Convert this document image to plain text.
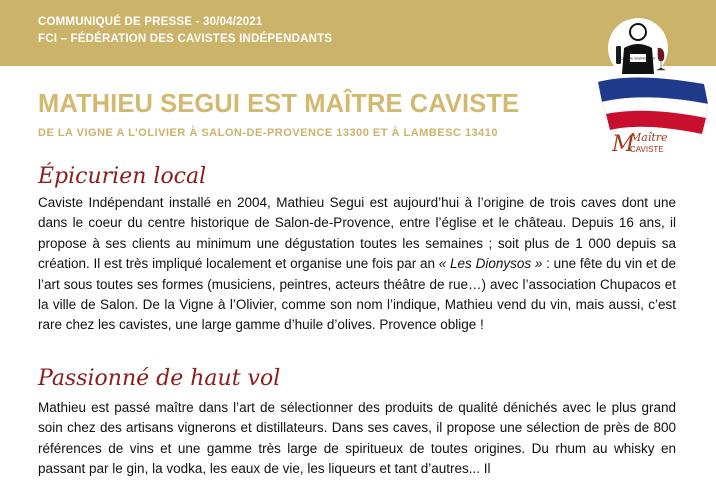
COMMUNIQUÉ DE PRESSE - 30/04/2021
FCI – FÉDÉRATION DES CAVISTES INDÉPENDANTS
CAVISTE INDÉPENDANT
M
Maître
CAVISTE
MATHIEU SEGUI EST MAÎTRE CAVISTE
DE LA VIGNE A L’OLIVIER À SALON-DE-PROVENCE 13300 ET À LAMBESC 13410
Épicurien local

Caviste Indépendant installé en 2004, Mathieu Segui est aujourd’hui à l’origine de trois caves dont une dans le coeur du centre historique de Salon-de-Provence, entre l’église et le château. Depuis 16 ans, il propose à ses clients au minimum une dégustation toutes les semaines ; soit plus de 1 000 depuis sa création. Il est très impliqué localement et organise une fois par an « Les Dionysos » : une fête du vin et de l’art sous toutes ses formes (musiciens, peintres, acteurs théâtre de rue…) avec l’association Chupacos et la ville de Salon. De la Vigne à l’Olivier, comme son nom l’indique, Mathieu vend du vin, mais aussi, c’est rare chez les cavistes, une large gamme d’huile d’olives. Provence oblige !

Passionné de haut vol

Mathieu est passé maître dans l’art de sélectionner des produits de qualité dénichés avec le plus grand soin chez des artisans vignerons et distillateurs. Dans ses caves, il propose une sélection de près de 800 références de vins et une gamme très large de spiritueux de toutes origines. Du rhum au whisky en passant par le gin, la vodka, les eaux de vie, les liqueurs et tant d’autres... Il
